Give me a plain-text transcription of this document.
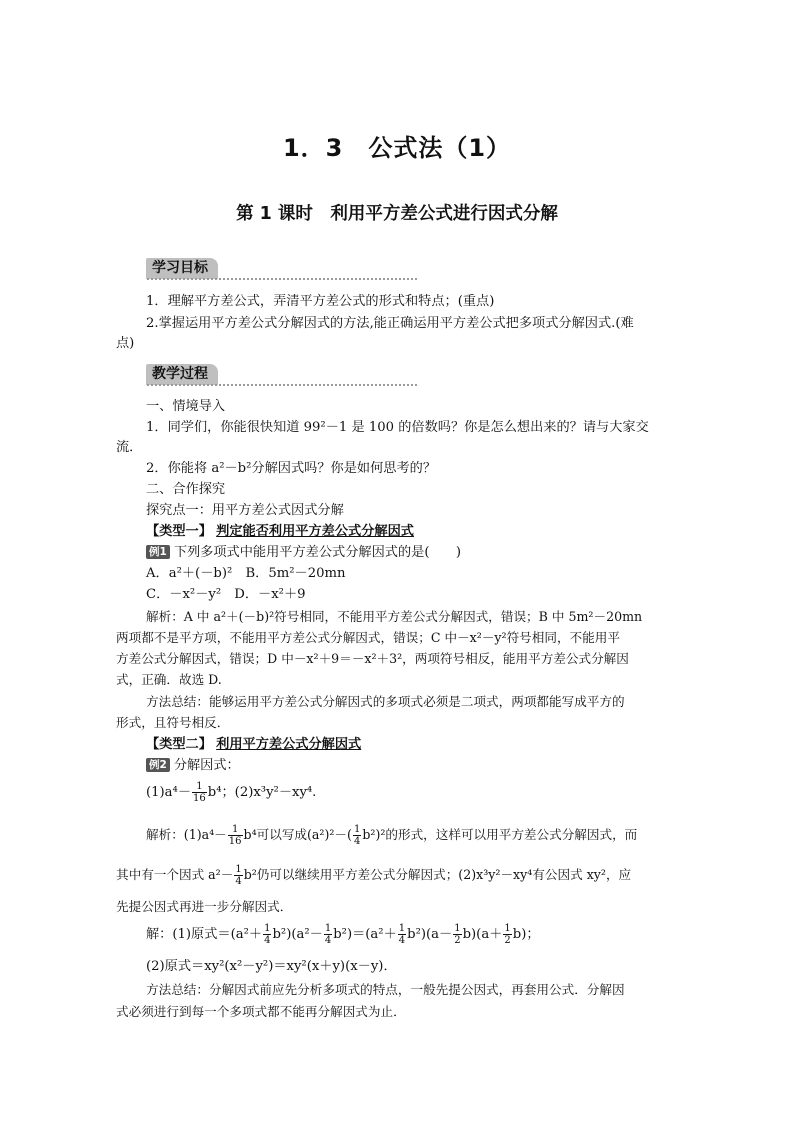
1．3　公式法（1）
第 1 课时　利用平方差公式进行因式分解
学习目标
1．理解平方差公式，弄清平方差公式的形式和特点；(重点)
2.掌握运用平方差公式分解因式的方法,能正确运用平方差公式把多项式分解因式.(难
点)
教学过程
一、情境导入
1．同学们，你能很快知道 99²－1 是 100 的倍数吗？你是怎么想出来的？请与大家交
流．
2．你能将 a²－b²分解因式吗？你是如何思考的？
二、合作探究
探究点一：用平方差公式因式分解
【类型一】 判定能否利用平方差公式分解因式
例1 下列多项式中能用平方差公式分解因式的是(　　)
A．a²＋(－b)²　B．5m²－20mn
C．－x²－y²　D．－x²＋9
解析：A 中 a²＋(－b)²符号相同，不能用平方差公式分解因式，错误；B 中 5m²－20mn
两项都不是平方项，不能用平方差公式分解因式，错误；C 中－x²－y²符号相同，不能用平
方差公式分解因式，错误；D 中－x²＋9＝－x²＋3²，两项符号相反，能用平方差公式分解因
式，正确．故选 D.
方法总结：能够运用平方差公式分解因式的多项式必须是二项式，两项都能写成平方的
形式，且符号相反．
【类型二】 利用平方差公式分解因式
例2 分解因式：
$(1)a^4- \frac{1}{16} b^4$；(2)x³y²－xy⁴.
解析：$(1)a^4- \frac{1}{16} b^4$可以写成$(a^2)^2-( \frac{1}{4} b^2)^2$的形式，这样可以用平方差公式分解因式，而
其中有一个因式 $a^2- \frac{1}{4} b^2$仍可以继续用平方差公式分解因式；(2)x³y²－xy⁴有公因式 xy²，应
先提公因式再进一步分解因式．
解：(1)原式$=(a^2+ \frac{1}{4} b^2)(a^2- \frac{1}{4} b^2)=(a^2+ \frac{1}{4} b^2)(a- \frac{1}{2} b)(a+ \frac{1}{2} b)$；
(2)原式＝xy²(x²－y²)＝xy²(x＋y)(x－y)．
方法总结：分解因式前应先分析多项式的特点，一般先提公因式，再套用公式．分解因
式必须进行到每一个多项式都不能再分解因式为止．
